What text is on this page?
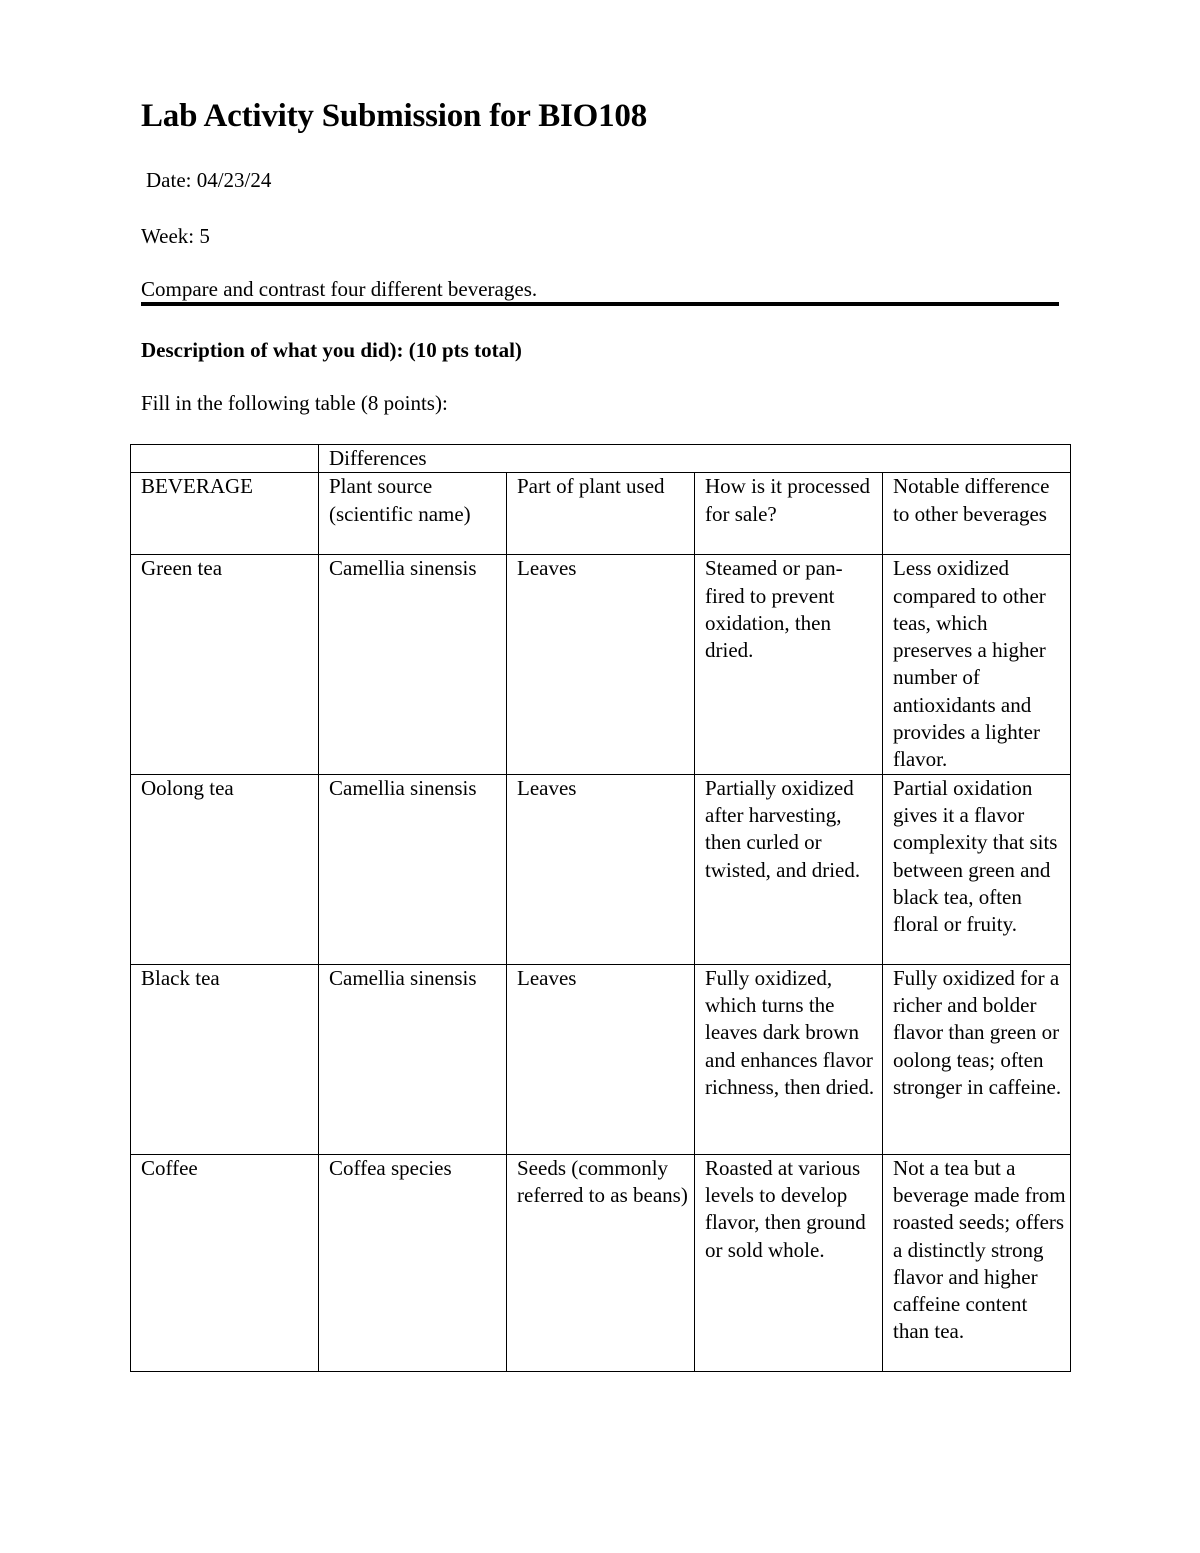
Lab Activity Submission for BIO108

Date: 04/23/24

Week: 5

Compare and contrast four different beverages.

Description of what you did): (10 pts total)

Fill in the following table (8 points):

	Differences			
BEVERAGE	Plant source (scientific name)	Part of plant used	How is it processed for sale?	Notable difference to other beverages
Green tea	Camellia sinensis	Leaves	Steamed or pan-fired to prevent oxidation, then dried.	Less oxidized compared to other teas, which preserves a higher number of antioxidants and provides a lighter flavor.
Oolong tea	Camellia sinensis	Leaves	Partially oxidized after harvesting, then curled or twisted, and dried.	Partial oxidation gives it a flavor complexity that sits between green and black tea, often floral or fruity.
Black tea	Camellia sinensis	Leaves	Fully oxidized, which turns the leaves dark brown and enhances flavor richness, then dried.	Fully oxidized for a richer and bolder flavor than green or oolong teas; often stronger in caffeine.
Coffee	Coffea species	Seeds (commonly referred to as beans)	Roasted at various levels to develop flavor, then ground or sold whole.	Not a tea but a beverage made from roasted seeds; offers a distinctly strong flavor and higher caffeine content than tea.
